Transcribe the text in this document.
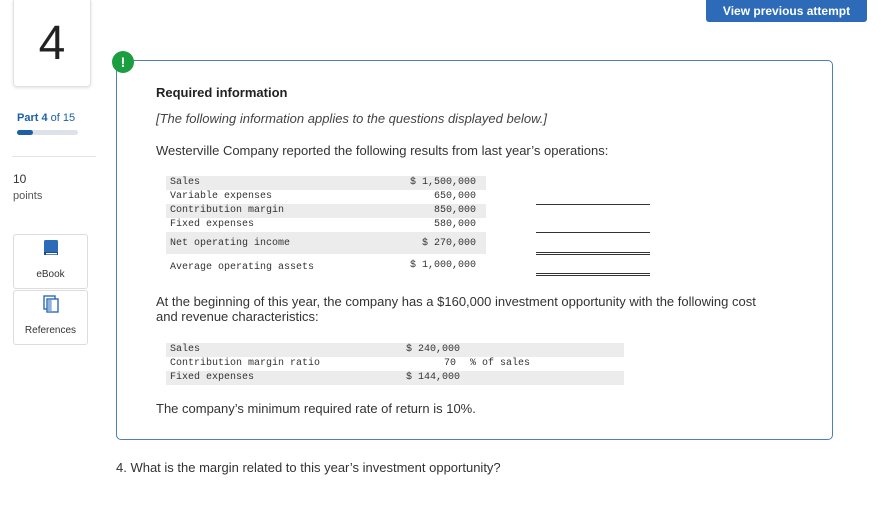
4
Part 4 of 15
10
points
eBook
References
View previous attempt
!
Required information
[The following information applies to the questions displayed below.]
Westerville Company reported the following results from last year’s operations:
Sales	$ 1,500,000
Variable expenses	650,000
Contribution margin	850,000
Fixed expenses	580,000
Net operating income	$ 270,000
Average operating assets	$ 1,000,000
At the beginning of this year, the company has a $160,000 investment opportunity with the following cost and revenue characteristics:
Sales	$ 240,000
Contribution margin ratio	70 % of sales
Fixed expenses	$ 144,000
The company’s minimum required rate of return is 10%.
4. What is the margin related to this year’s investment opportunity?
